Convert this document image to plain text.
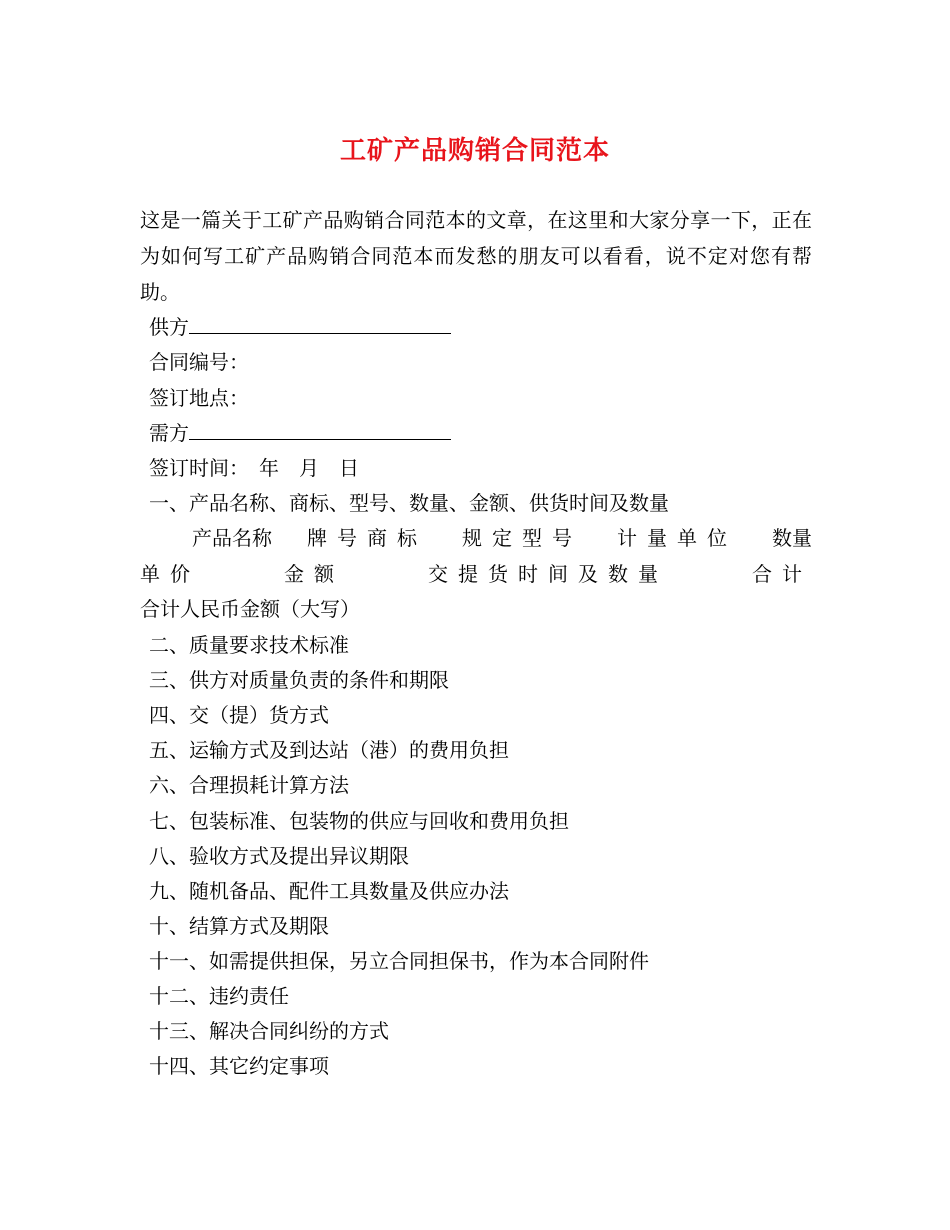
工矿产品购销合同范本
这是一篇关于工矿产品购销合同范本的文章，在这里和大家分享一下，正在为如何写工矿产品购销合同范本而发愁的朋友可以看看，说不定对您有帮助。
供方
合同编号：
签订地点：
需方
签订时间：　年　月　日
一、产品名称、商标、型号、数量、金额、供货时间及数量
产品名称 牌号商标 规定型号 计量单位 数量
单价	金额	交提货时间及数量	合计
合计人民币金额（大写）
二、质量要求技术标准
三、供方对质量负责的条件和期限
四、交（提）货方式
五、运输方式及到达站（港）的费用负担
六、合理损耗计算方法
七、包装标准、包装物的供应与回收和费用负担
八、验收方式及提出异议期限
九、随机备品、配件工具数量及供应办法
十、结算方式及期限
十一、如需提供担保，另立合同担保书，作为本合同附件
十二、违约责任
十三、解决合同纠纷的方式
十四、其它约定事项
